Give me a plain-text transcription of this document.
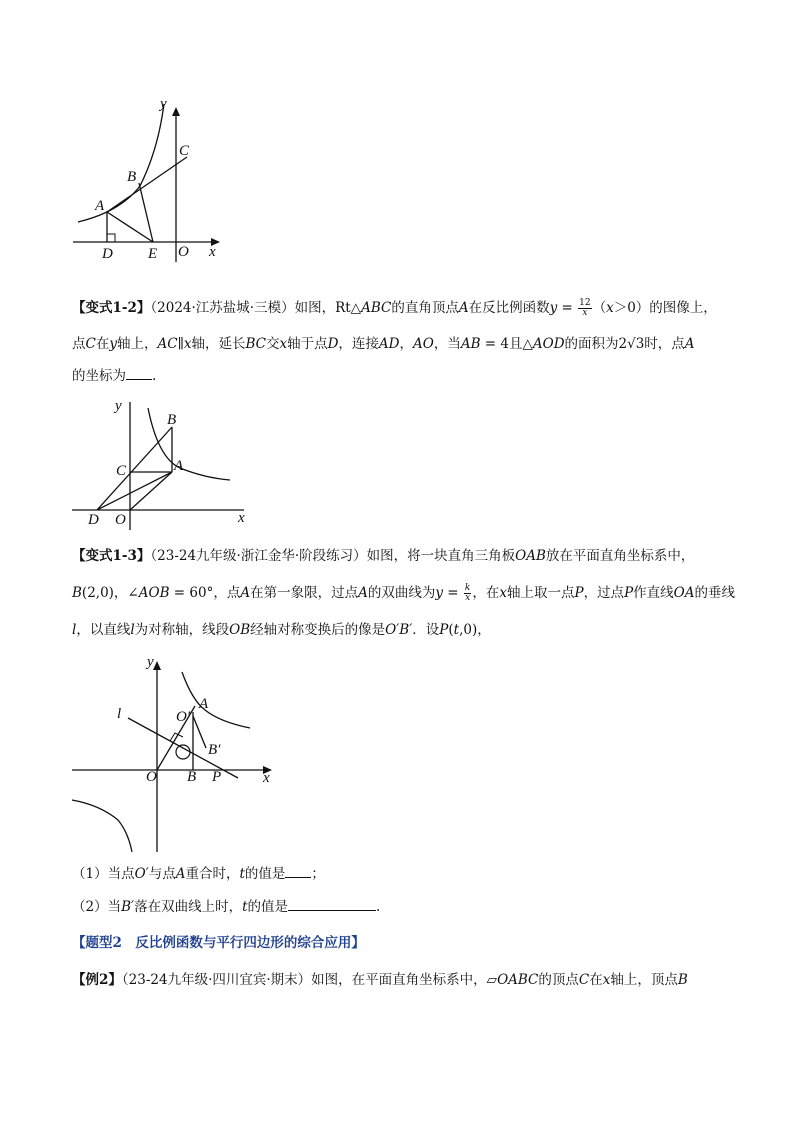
y
C
B
A
D E O x
【变式1-2】（2024·江苏盐城·三模）如图，Rt△ABC的直角顶点A在反比例函数$y = \frac{12}{x} (x>0)$的图像上，
点C在y轴上，AC∥x轴，延长BC交x轴于点D，连接AD，AO，当AB = 4且△AOD的面积为2√3时，点A
的坐标为 .
y
B
C	A
D O	x
【变式1-3】（23-24九年级·浙江金华·阶段练习）如图，将一块直角三角板OAB放在平面直角坐标系中，
B(2,0)，∠AOB = 60°，点A在第一象限，过点A的双曲线为$y = \frac{k}{x}$ ，在x轴上取一点P，过点P作直线OA的垂线
l，以直线l为对称轴，线段OB经轴对称变换后的像是O′B′．设P(t,0)，
y
l	O′
A
B′
O B P	x
（1）当点O′与点A重合时，t的值是 ；
（2）当B′落在双曲线上时，t的值是	.
【题型2　反比例函数与平行四边形的综合应用】
【例2】（23-24九年级·四川宜宾·期末）如图，在平面直角坐标系中，▱OABC的顶点C在x轴上，顶点B
